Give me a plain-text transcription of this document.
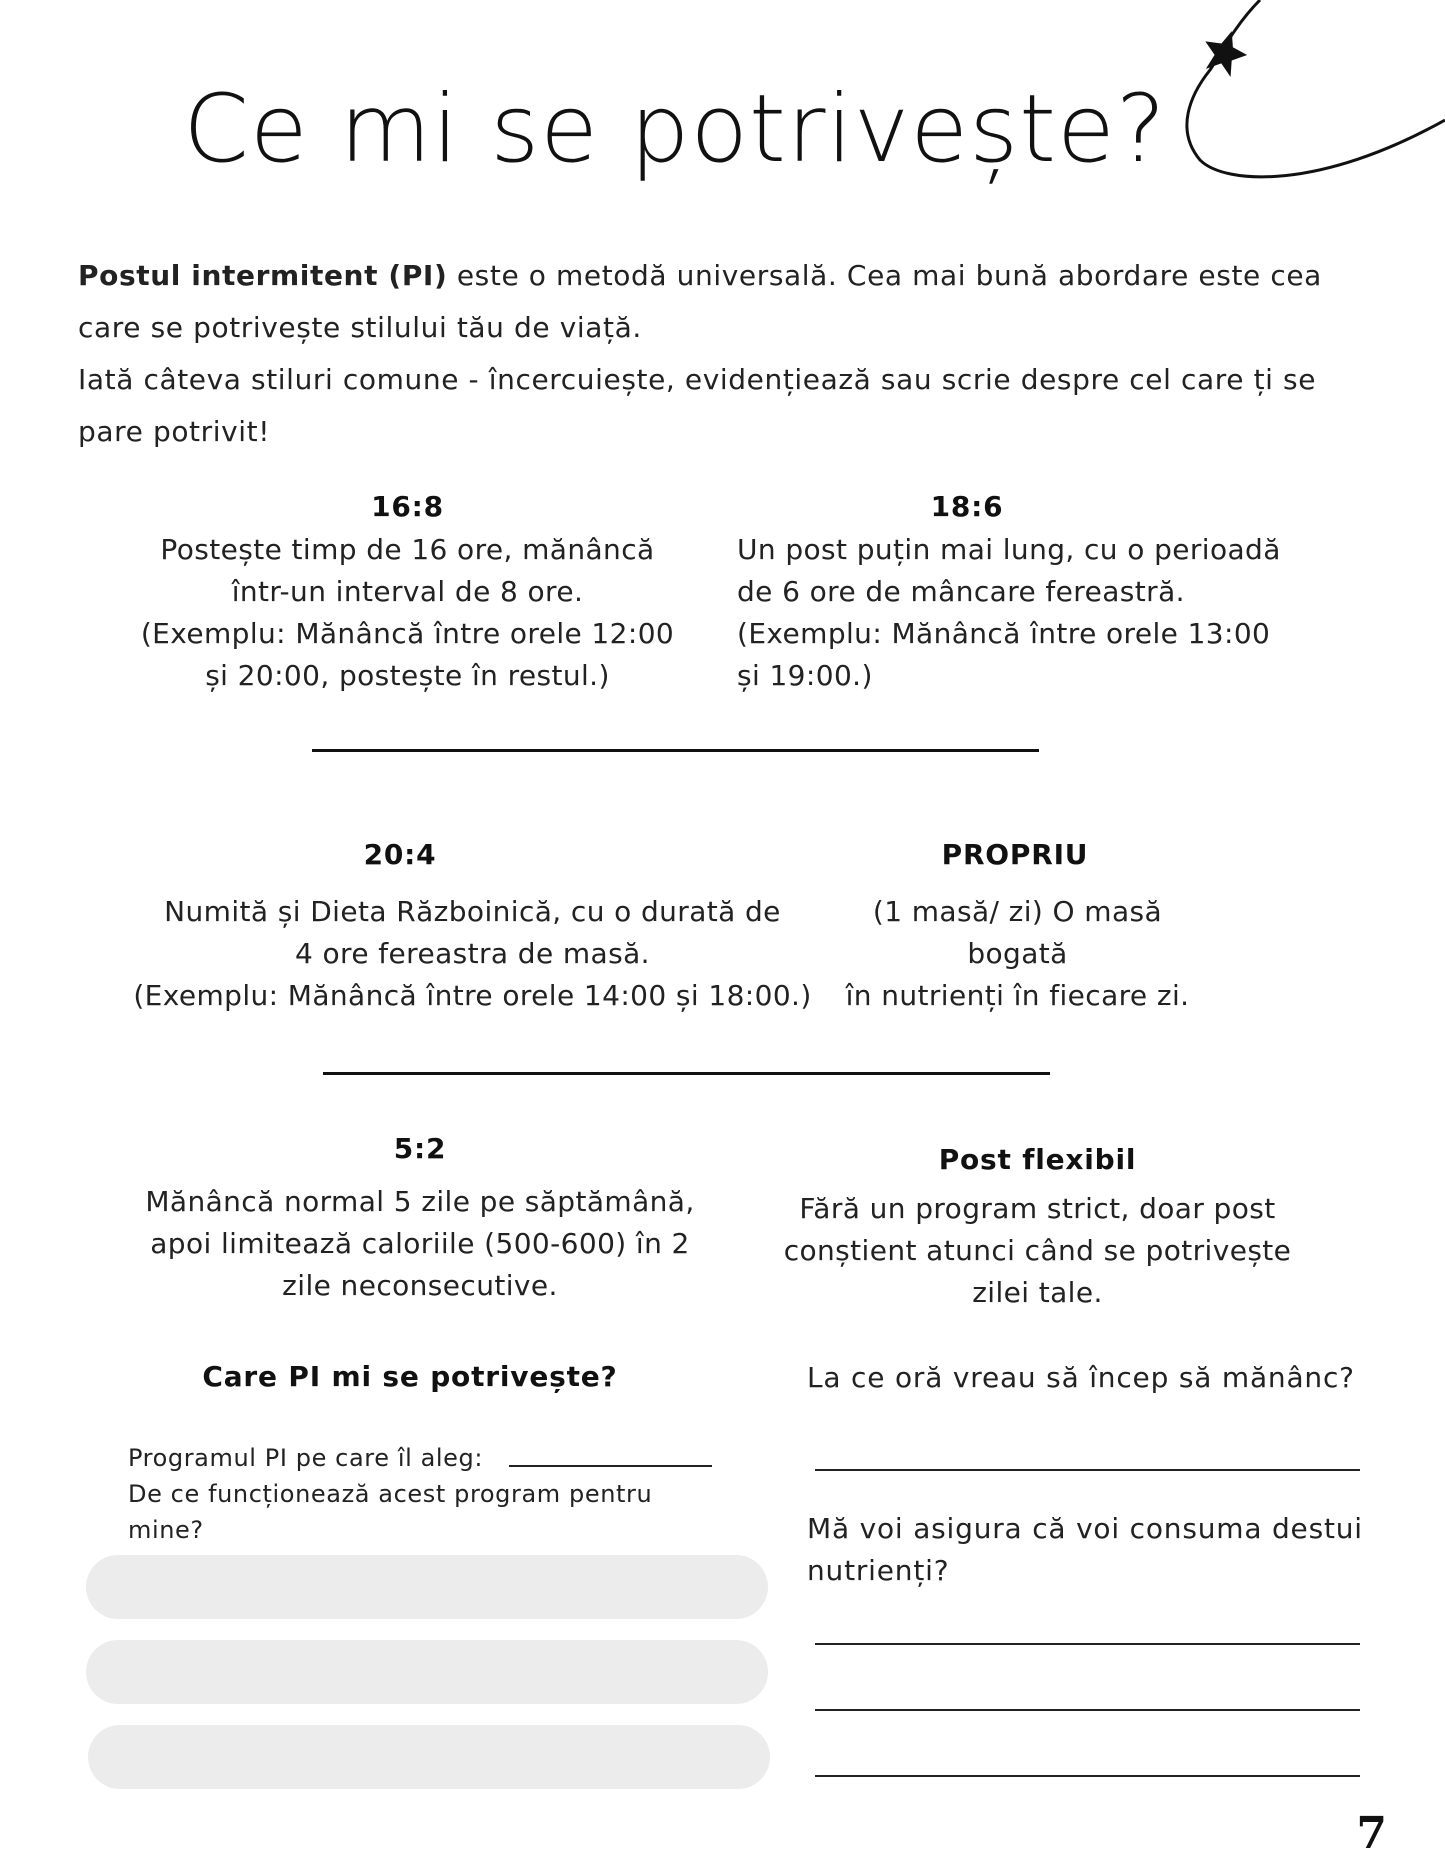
Ce mi se potrivește?
Postul intermitent (PI) este o metodă universală. Cea mai bună abordare este cea care se potrivește stilului tău de viață.
Iată câteva stiluri comune - încercuiește, evidențiează sau scrie despre cel care ți se pare potrivit!
16:8
Postește timp de 16 ore, mănâncă
într-un interval de 8 ore.
(Exemplu: Mănâncă între orele 12:00
și 20:00, postește în restul.)
18:6
Un post puțin mai lung, cu o perioadă
de 6 ore de mâncare fereastră.
(Exemplu: Mănâncă între orele 13:00
și 19:00.)
20:4
Numită și Dieta Războinică, cu o durată de
4 ore fereastra de masă.
(Exemplu: Mănâncă între orele 14:00 și 18:00.)
PROPRIU
(1 masă/ zi) O masă bogată
în nutrienți în fiecare zi.
5:2
Mănâncă normal 5 zile pe săptămână,
apoi limitează caloriile (500-600) în 2
zile neconsecutive.
Post flexibil
Fără un program strict, doar post
conștient atunci când se potrivește
zilei tale.
Care PI mi se potrivește?
Programul PI pe care îl aleg:
De ce funcționează acest program pentru
mine?
La ce oră vreau să încep să mănânc?
Mă voi asigura că voi consuma destui
nutrienți?
7
